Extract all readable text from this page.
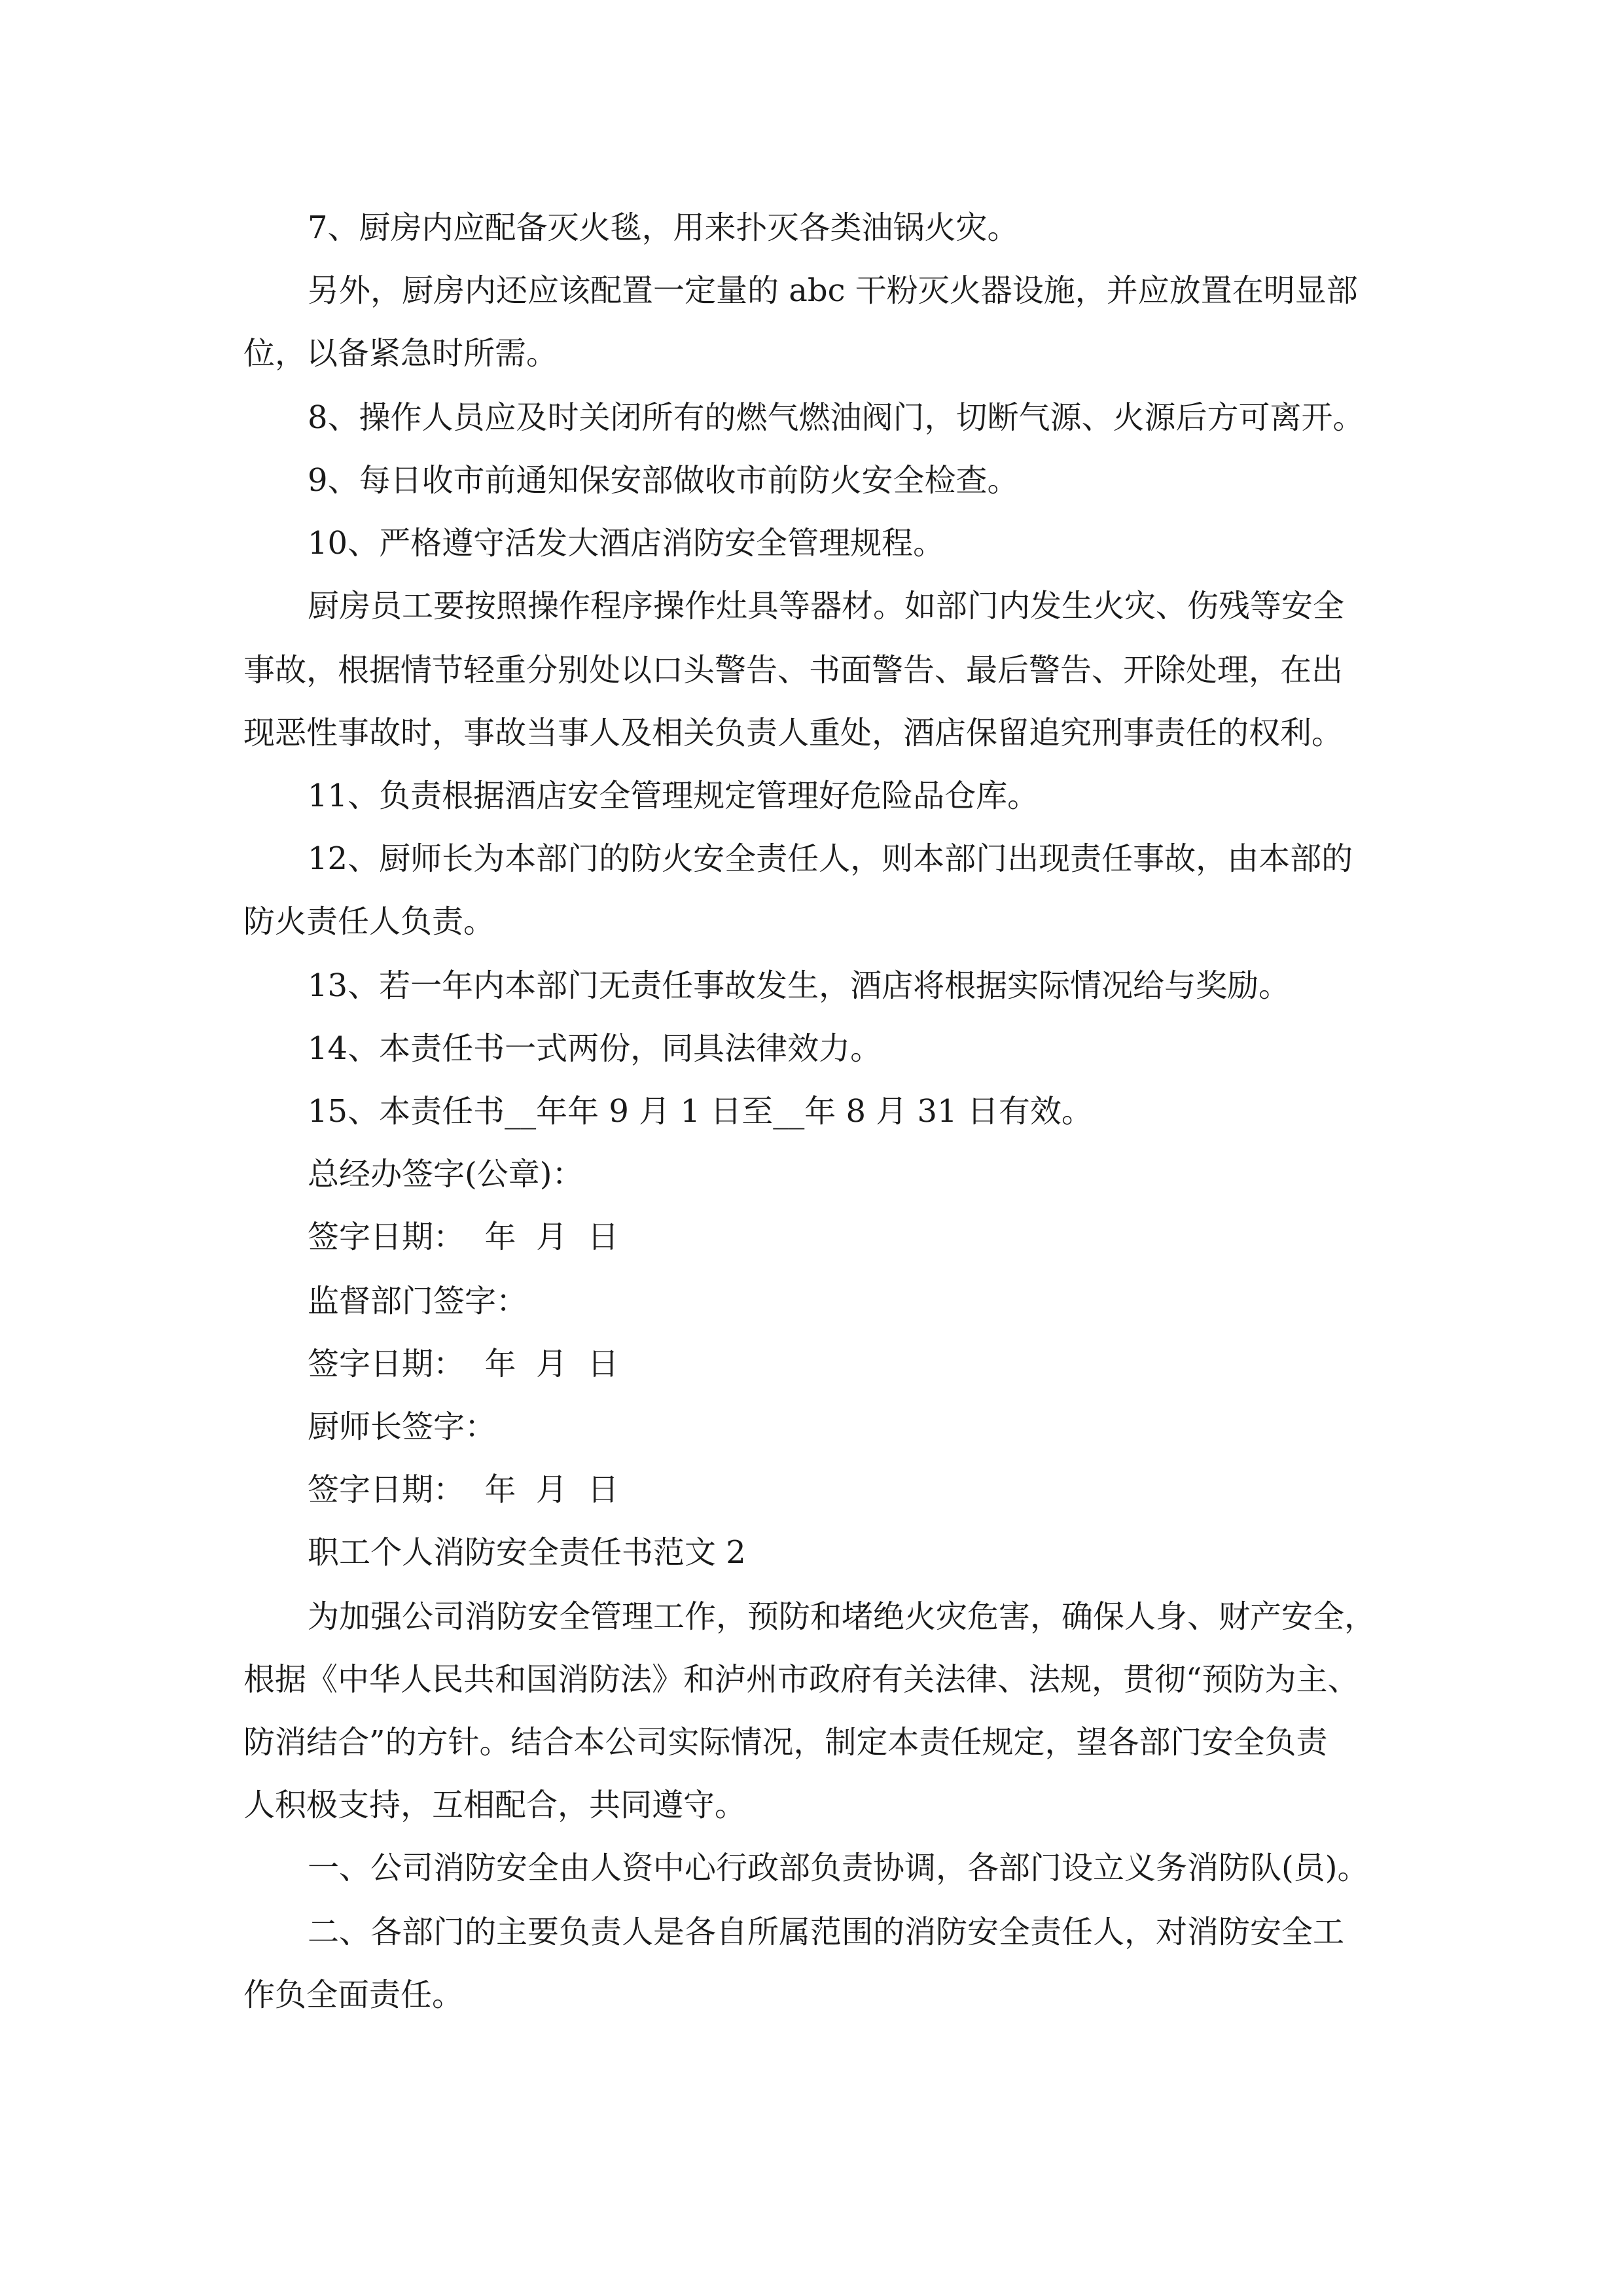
7、厨房内应配备灭火毯，用来扑灭各类油锅火灾。
另外，厨房内还应该配置一定量的 abc 干粉灭火器设施，并应放置在明显部
位，以备紧急时所需。
8、操作人员应及时关闭所有的燃气燃油阀门，切断气源、火源后方可离开。
9、每日收市前通知保安部做收市前防火安全检查。
10、严格遵守活发大酒店消防安全管理规程。
厨房员工要按照操作程序操作灶具等器材。如部门内发生火灾、伤残等安全
事故，根据情节轻重分别处以口头警告、书面警告、最后警告、开除处理，在出
现恶性事故时，事故当事人及相关负责人重处，酒店保留追究刑事责任的权利。
11、负责根据酒店安全管理规定管理好危险品仓库。
12、厨师长为本部门的防火安全责任人，则本部门出现责任事故，由本部的
防火责任人负责。
13、若一年内本部门无责任事故发生，酒店将根据实际情况给与奖励。
14、本责任书一式两份，同具法律效力。
15、本责任书__年年 9 月 1 日至__年 8 月 31 日有效。
总经办签字(公章)：
签字日期：  年  月  日
监督部门签字：
签字日期：  年  月  日
厨师长签字：
签字日期：  年  月  日
职工个人消防安全责任书范文 2
为加强公司消防安全管理工作，预防和堵绝火灾危害，确保人身、财产安全，
根据《中华人民共和国消防法》和泸州市政府有关法律、法规，贯彻“预防为主、
防消结合”的方针。结合本公司实际情况，制定本责任规定，望各部门安全负责
人积极支持，互相配合，共同遵守。
一、公司消防安全由人资中心行政部负责协调，各部门设立义务消防队(员)。
二、各部门的主要负责人是各自所属范围的消防安全责任人，对消防安全工
作负全面责任。
